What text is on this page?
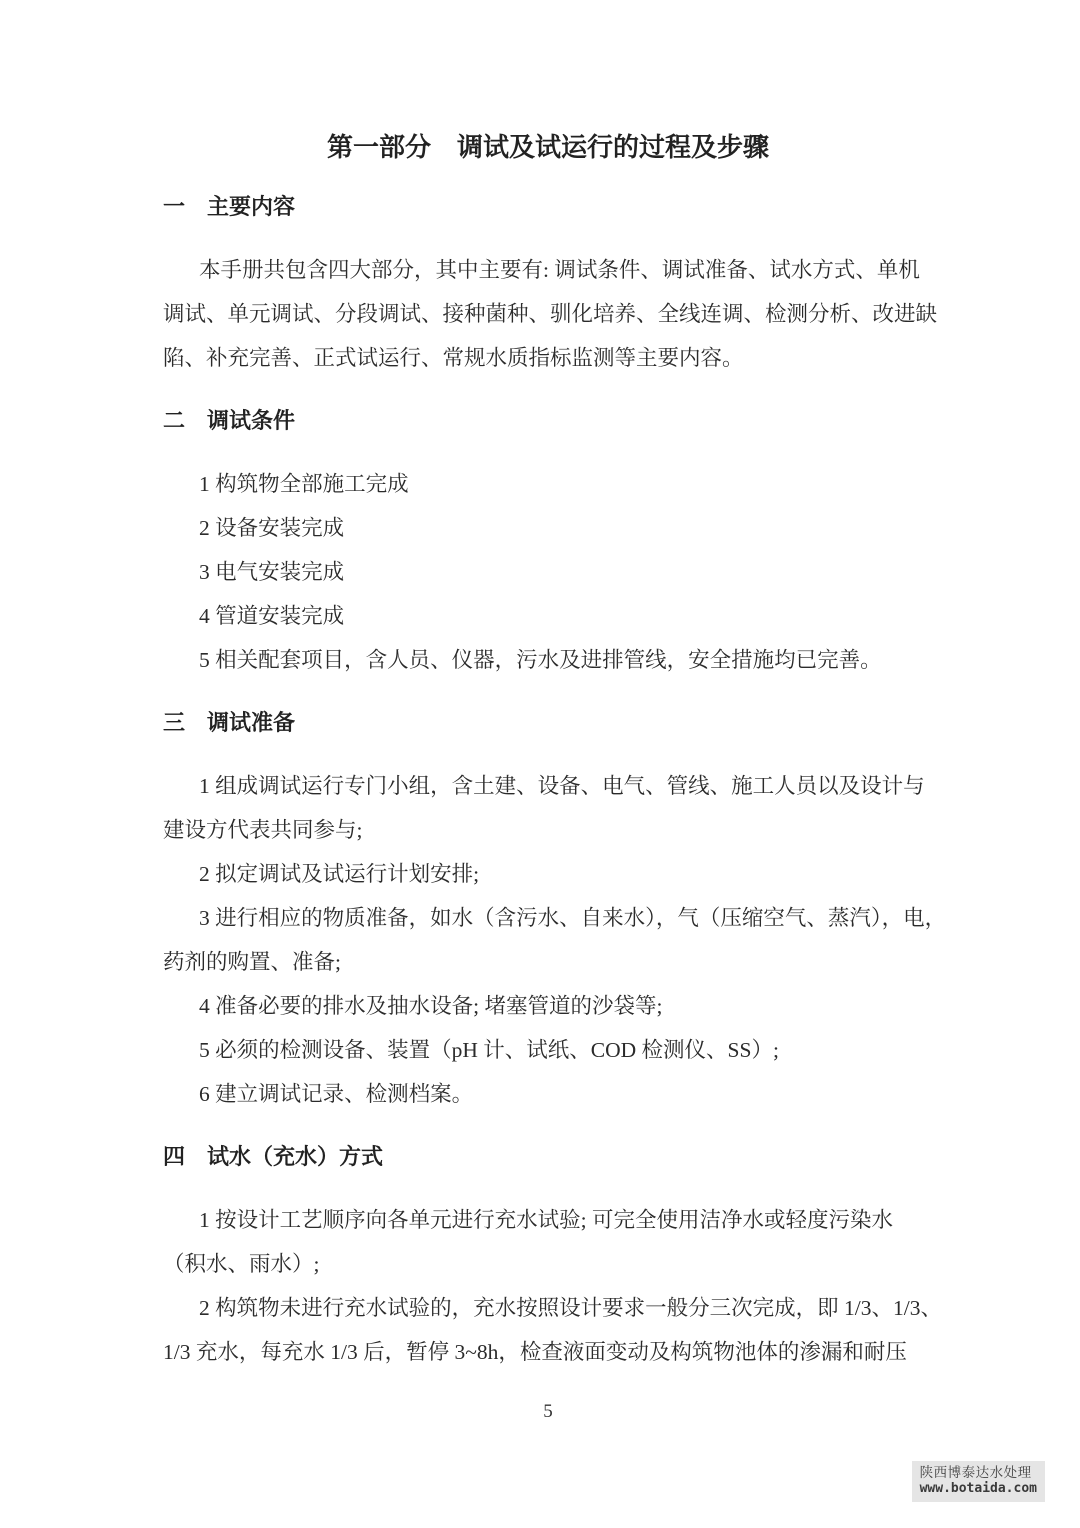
第一部分　调试及试运行的过程及步骤
一　主要内容
本手册共包含四大部分，其中主要有: 调试条件、调试准备、试水方式、单机
调试、单元调试、分段调试、接种菌种、驯化培养、全线连调、检测分析、改进缺
陷、补充完善、正式试运行、常规水质指标监测等主要内容。
二　调试条件
1 构筑物全部施工完成
2 设备安装完成
3 电气安装完成
4 管道安装完成
5 相关配套项目，含人员、仪器，污水及进排管线，安全措施均已完善。
三　调试准备
1 组成调试运行专门小组，含土建、设备、电气、管线、施工人员以及设计与
建设方代表共同参与;
2 拟定调试及试运行计划安排;
3 进行相应的物质准备，如水（含污水、自来水），气（压缩空气、蒸汽），电，
药剂的购置、准备;
4 准备必要的排水及抽水设备; 堵塞管道的沙袋等;
5 必须的检测设备、装置（pH 计、试纸、COD 检测仪、SS）;
6 建立调试记录、检测档案。
四　试水（充水）方式
1 按设计工艺顺序向各单元进行充水试验; 可完全使用洁净水或轻度污染水
（积水、雨水）;
2 构筑物未进行充水试验的，充水按照设计要求一般分三次完成，即 1/3、1/3、
1/3 充水，每充水 1/3 后，暂停 3~8h，检查液面变动及构筑物池体的渗漏和耐压
5
陕西博泰达水处理
www.botaida.com
